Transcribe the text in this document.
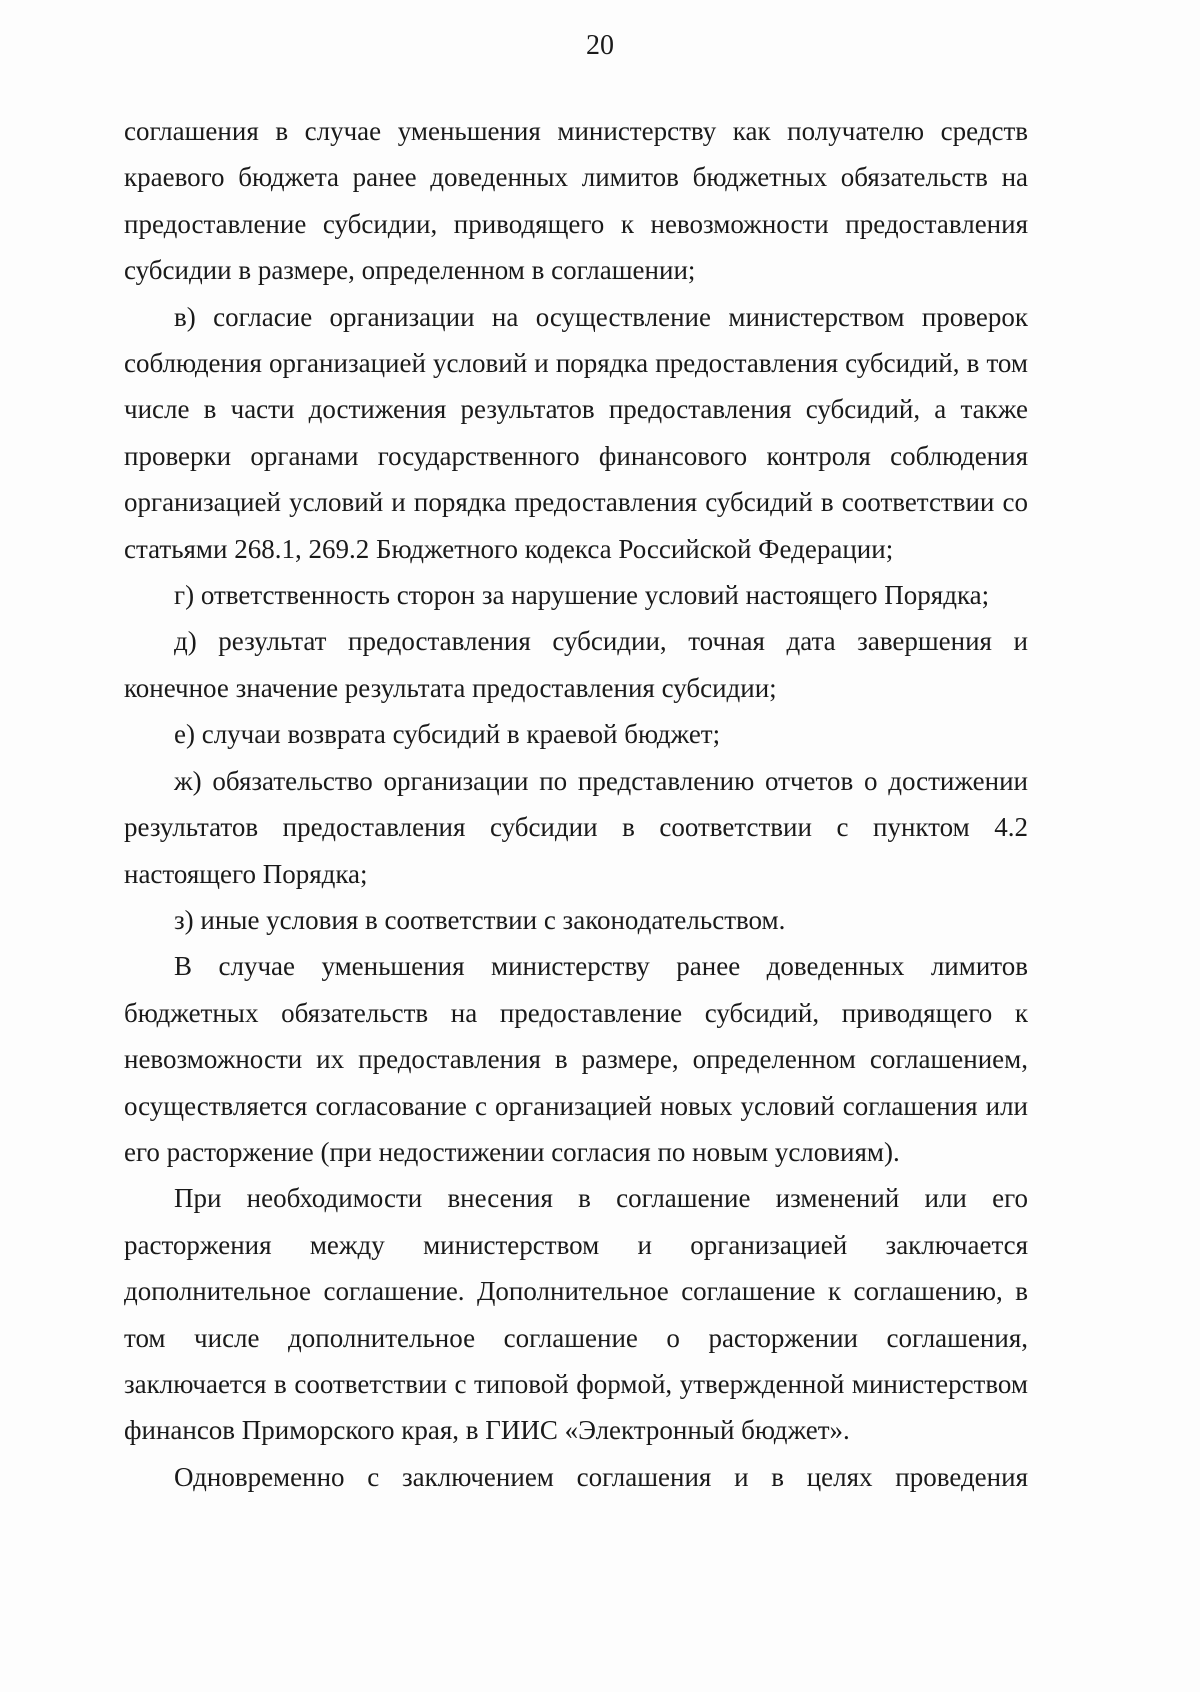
20

соглашения в случае уменьшения министерству как получателю средств краевого бюджета ранее доведенных лимитов бюджетных обязательств на предоставление субсидии, приводящего к невозможности предоставления субсидии в размере, определенном в соглашении;

в) согласие организации на осуществление министерством проверок соблюдения организацией условий и порядка предоставления субсидий, в том числе в части достижения результатов предоставления субсидий, а также проверки органами государственного финансового контроля соблюдения организацией условий и порядка предоставления субсидий в соответствии со статьями 268.1, 269.2 Бюджетного кодекса Российской Федерации;

г) ответственность сторон за нарушение условий настоящего Порядка;

д) результат предоставления субсидии, точная дата завершения и конечное значение результата предоставления субсидии;

е) случаи возврата субсидий в краевой бюджет;

ж) обязательство организации по представлению отчетов о достижении результатов предоставления субсидии в соответствии с пунктом 4.2 настоящего Порядка;

з) иные условия в соответствии с законодательством.

В случае уменьшения министерству ранее доведенных лимитов бюджетных обязательств на предоставление субсидий, приводящего к невозможности их предоставления в размере, определенном соглашением, осуществляется согласование с организацией новых условий соглашения или его расторжение (при недостижении согласия по новым условиям).

При необходимости внесения в соглашение изменений или его расторжения между министерством и организацией заключается дополнительное соглашение. Дополнительное соглашение к соглашению, в том числе дополнительное соглашение о расторжении соглашения, заключается в соответствии с типовой формой, утвержденной министерством финансов Приморского края, в ГИИС «Электронный бюджет».

Одновременно с заключением соглашения и в целях проведения
